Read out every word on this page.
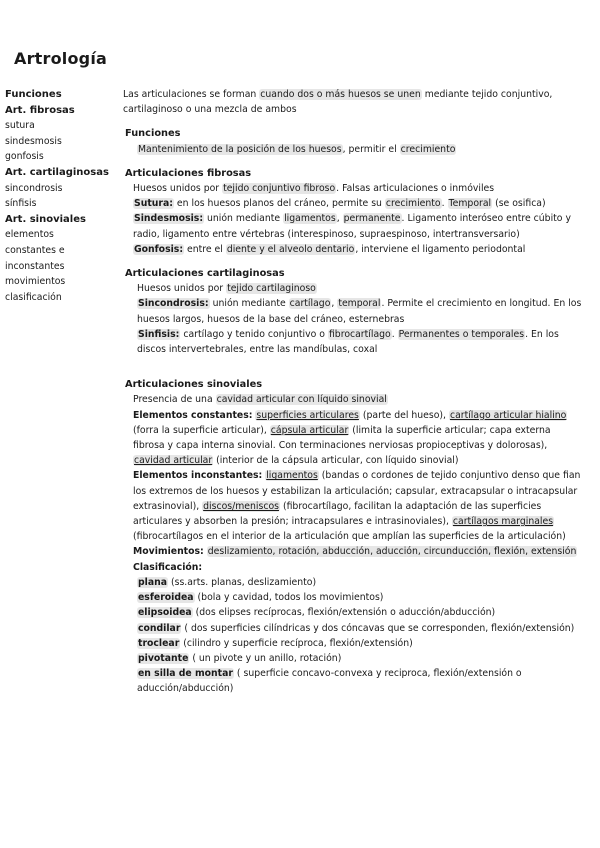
Artrología
Funciones
Art. fibrosas
sutura
sindesmosis
gonfosis
Art. cartilaginosas
sincondrosis
sínfisis
Art. sinoviales
elementos
constantes e
inconstantes
movimientos
clasificación

Las articulaciones se forman cuando dos o más huesos se unen mediante tejido conjuntivo, cartilaginoso o una mezcla de ambos

Funciones

Mantenimiento de la posición de los huesos, permitir el crecimiento

Articulaciones fibrosas

Huesos unidos por tejido conjuntivo fibroso. Falsas articulaciones o inmóviles

Sutura: en los huesos planos del cráneo, permite su crecimiento. Temporal (se osifica)

Sindesmosis: unión mediante ligamentos, permanente. Ligamento interóseo entre cúbito y radio, ligamento entre vértebras (interespinoso, supraespinoso, intertransversario)

Gonfosis: entre el diente y el alveolo dentario, interviene el ligamento periodontal

Articulaciones cartilaginosas

Huesos unidos por tejido cartilaginoso

Sincondrosis: unión mediante cartílago, temporal. Permite el crecimiento en longitud. En los huesos largos, huesos de la base del cráneo, esternebras

Sinfisis: cartílago y tenido conjuntivo o fibrocartílago. Permanentes o temporales. En los discos intervertebrales, entre las mandíbulas, coxal

Articulaciones sinoviales

Presencia de una cavidad articular con líquido sinovial

Elementos constantes: superficies articulares (parte del hueso), cartílago articular hialino (forra la superficie articular), cápsula articular (limita la superficie articular; capa externa fibrosa y capa interna sinovial. Con terminaciones nerviosas propioceptivas y dolorosas), cavidad articular (interior de la cápsula articular, con líquido sinovial)

Elementos inconstantes: ligamentos (bandas o cordones de tejido conjuntivo denso que fian los extremos de los huesos y estabilizan la articulación; capsular, extracapsular o intracapsular extrasinovial), discos/meniscos (fibrocartílago, facilitan la adaptación de las superficies articulares y absorben la presión; intracapsulares e intrasinoviales), cartílagos marginales (fibrocartílagos en el interior de la articulación que amplían las superficies de la articulación)

Movimientos: deslizamiento, rotación, abducción, aducción, circunducción, flexión, extensión

Clasificación:

plana (ss.arts. planas, deslizamiento)

esferoidea (bola y cavidad, todos los movimientos)

elipsoidea (dos elipses recíprocas, flexión/extensión o aducción/abducción)

condilar ( dos superficies cilíndricas y dos cóncavas que se corresponden, flexión/extensión)

troclear (cilindro y superficie recíproca, flexión/extensión)

pivotante ( un pivote y un anillo, rotación)

en silla de montar ( superficie concavo-convexa y reciproca, flexión/extensión o aducción/abducción)
